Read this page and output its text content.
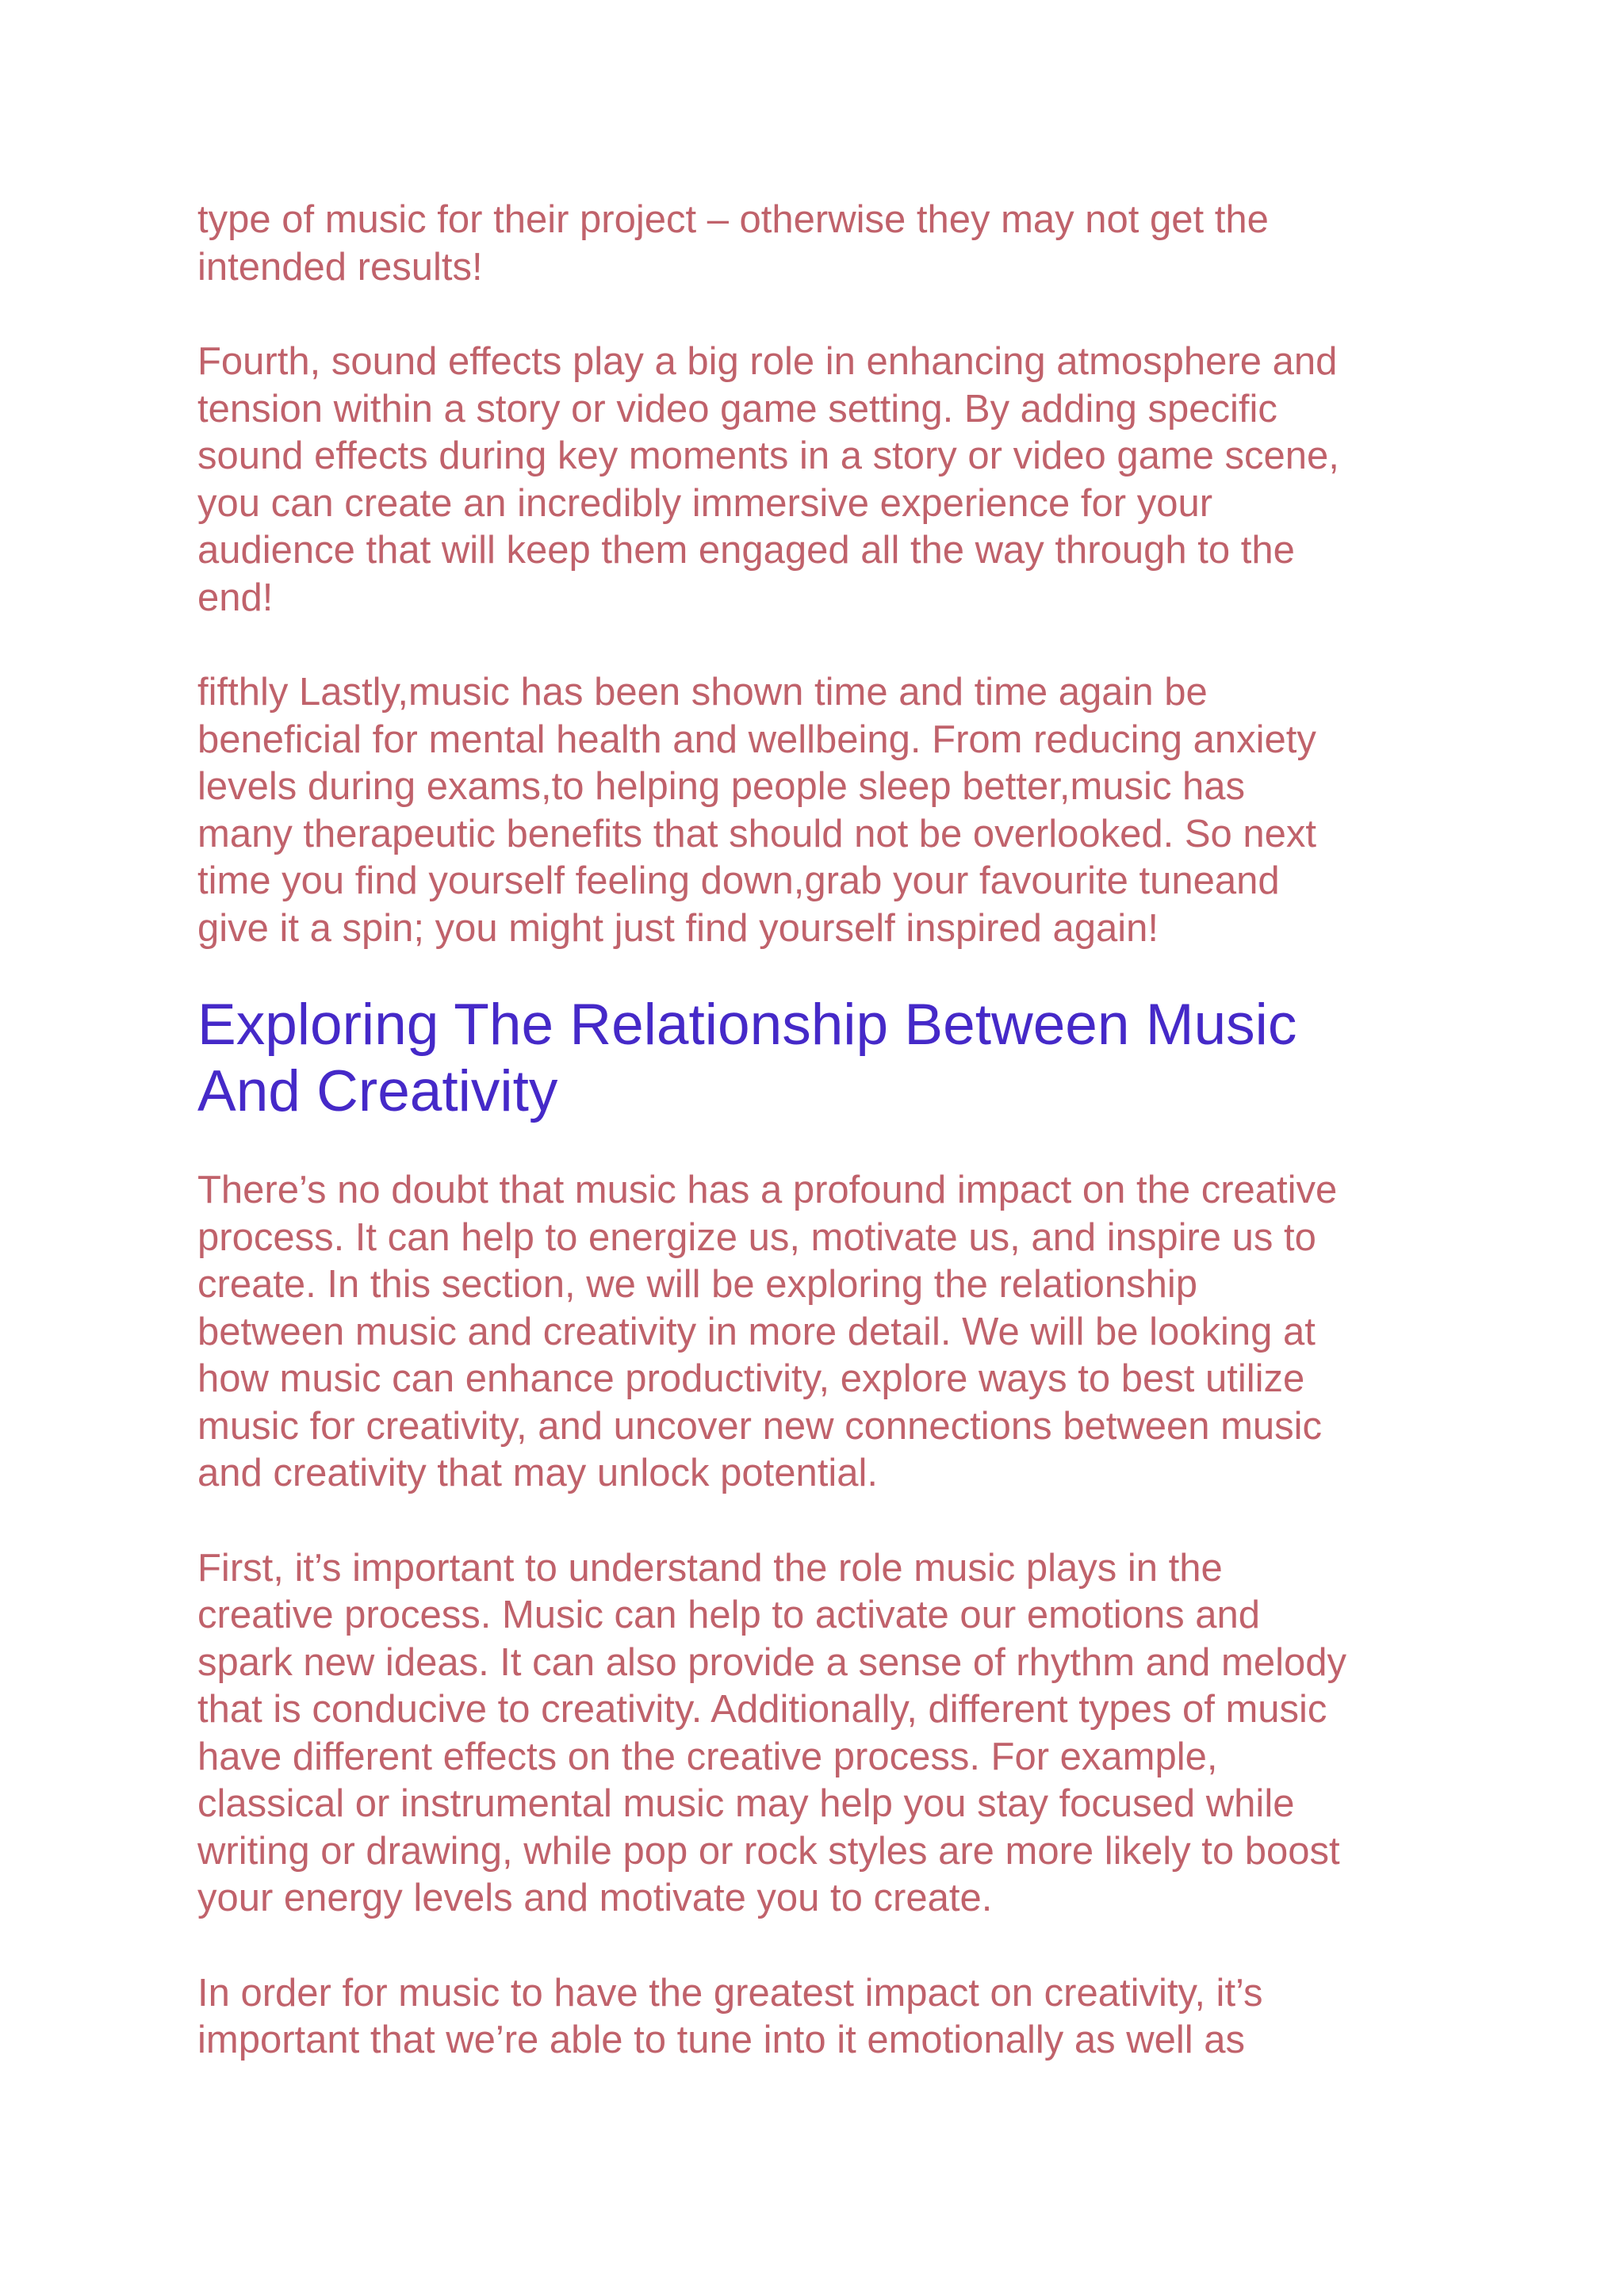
type of music for their project – otherwise they may not get the
intended results!

Fourth, sound effects play a big role in enhancing atmosphere and
tension within a story or video game setting. By adding specific
sound effects during key moments in a story or video game scene,
you can create an incredibly immersive experience for your
audience that will keep them engaged all the way through to the
end!

fifthly Lastly,music has been shown time and time again be
beneficial for mental health and wellbeing. From reducing anxiety
levels during exams,to helping people sleep better,music has
many therapeutic benefits that should not be overlooked. So next
time you find yourself feeling down,grab your favourite tuneand
give it a spin; you might just find yourself inspired again!

Exploring The Relationship Between Music
And Creativity

There’s no doubt that music has a profound impact on the creative
process. It can help to energize us, motivate us, and inspire us to
create. In this section, we will be exploring the relationship
between music and creativity in more detail. We will be looking at
how music can enhance productivity, explore ways to best utilize
music for creativity, and uncover new connections between music
and creativity that may unlock potential.

First, it’s important to understand the role music plays in the
creative process. Music can help to activate our emotions and
spark new ideas. It can also provide a sense of rhythm and melody
that is conducive to creativity. Additionally, different types of music
have different effects on the creative process. For example,
classical or instrumental music may help you stay focused while
writing or drawing, while pop or rock styles are more likely to boost
your energy levels and motivate you to create.

In order for music to have the greatest impact on creativity, it’s
important that we’re able to tune into it emotionally as well as
